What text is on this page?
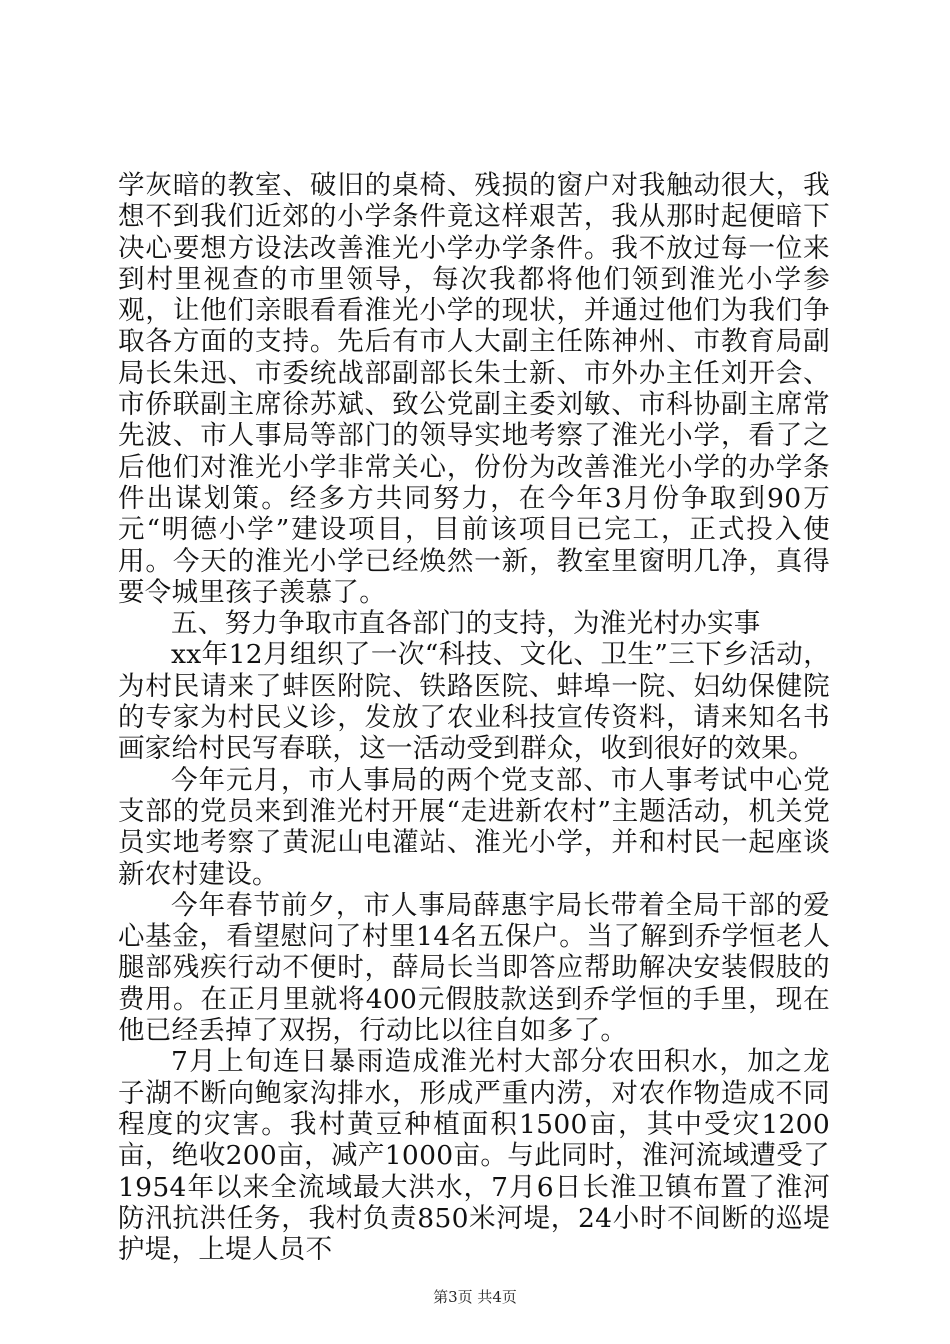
学灰暗的教室、破旧的桌椅、残损的窗户对我触动很大，我想不到我们近郊的小学条件竟这样艰苦，我从那时起便暗下决心要想方设法改善淮光小学办学条件。我不放过每一位来到村里视查的市里领导，每次我都将他们领到淮光小学参观，让他们亲眼看看淮光小学的现状，并通过他们为我们争取各方面的支持。先后有市人大副主任陈神州、市教育局副局长朱迅、市委统战部副部长朱士新、市外办主任刘开会、市侨联副主席徐苏斌、致公党副主委刘敏、市科协副主席常先波、市人事局等部门的领导实地考察了淮光小学，看了之后他们对淮光小学非常关心，份份为改善淮光小学的办学条件出谋划策。经多方共同努力，在今年3月份争取到90万元“明德小学”建设项目，目前该项目已完工，正式投入使用。今天的淮光小学已经焕然一新，教室里窗明几净，真得要令城里孩子羡慕了。

五、努力争取市直各部门的支持，为淮光村办实事

xx年12月组织了一次“科技、文化、卫生”三下乡活动，为村民请来了蚌医附院、铁路医院、蚌埠一院、妇幼保健院的专家为村民义诊，发放了农业科技宣传资料，请来知名书画家给村民写春联，这一活动受到群众，收到很好的效果。

今年元月，市人事局的两个党支部、市人事考试中心党支部的党员来到淮光村开展“走进新农村”主题活动，机关党员实地考察了黄泥山电灌站、淮光小学，并和村民一起座谈新农村建设。

今年春节前夕，市人事局薛惠宇局长带着全局干部的爱心基金，看望慰问了村里14名五保户。当了解到乔学恒老人腿部残疾行动不便时，薛局长当即答应帮助解决安装假肢的费用。在正月里就将400元假肢款送到乔学恒的手里，现在他已经丢掉了双拐，行动比以往自如多了。

7月上旬连日暴雨造成淮光村大部分农田积水，加之龙子湖不断向鲍家沟排水，形成严重内涝，对农作物造成不同程度的灾害。我村黄豆种植面积1500亩，其中受灾1200亩，绝收200亩，减产1000亩。与此同时，淮河流域遭受了1954年以来全流域最大洪水，7月6日长淮卫镇布置了淮河防汛抗洪任务，我村负责850米河堤，24小时不间断的巡堤护堤，上堤人员不

第3页 共4页
